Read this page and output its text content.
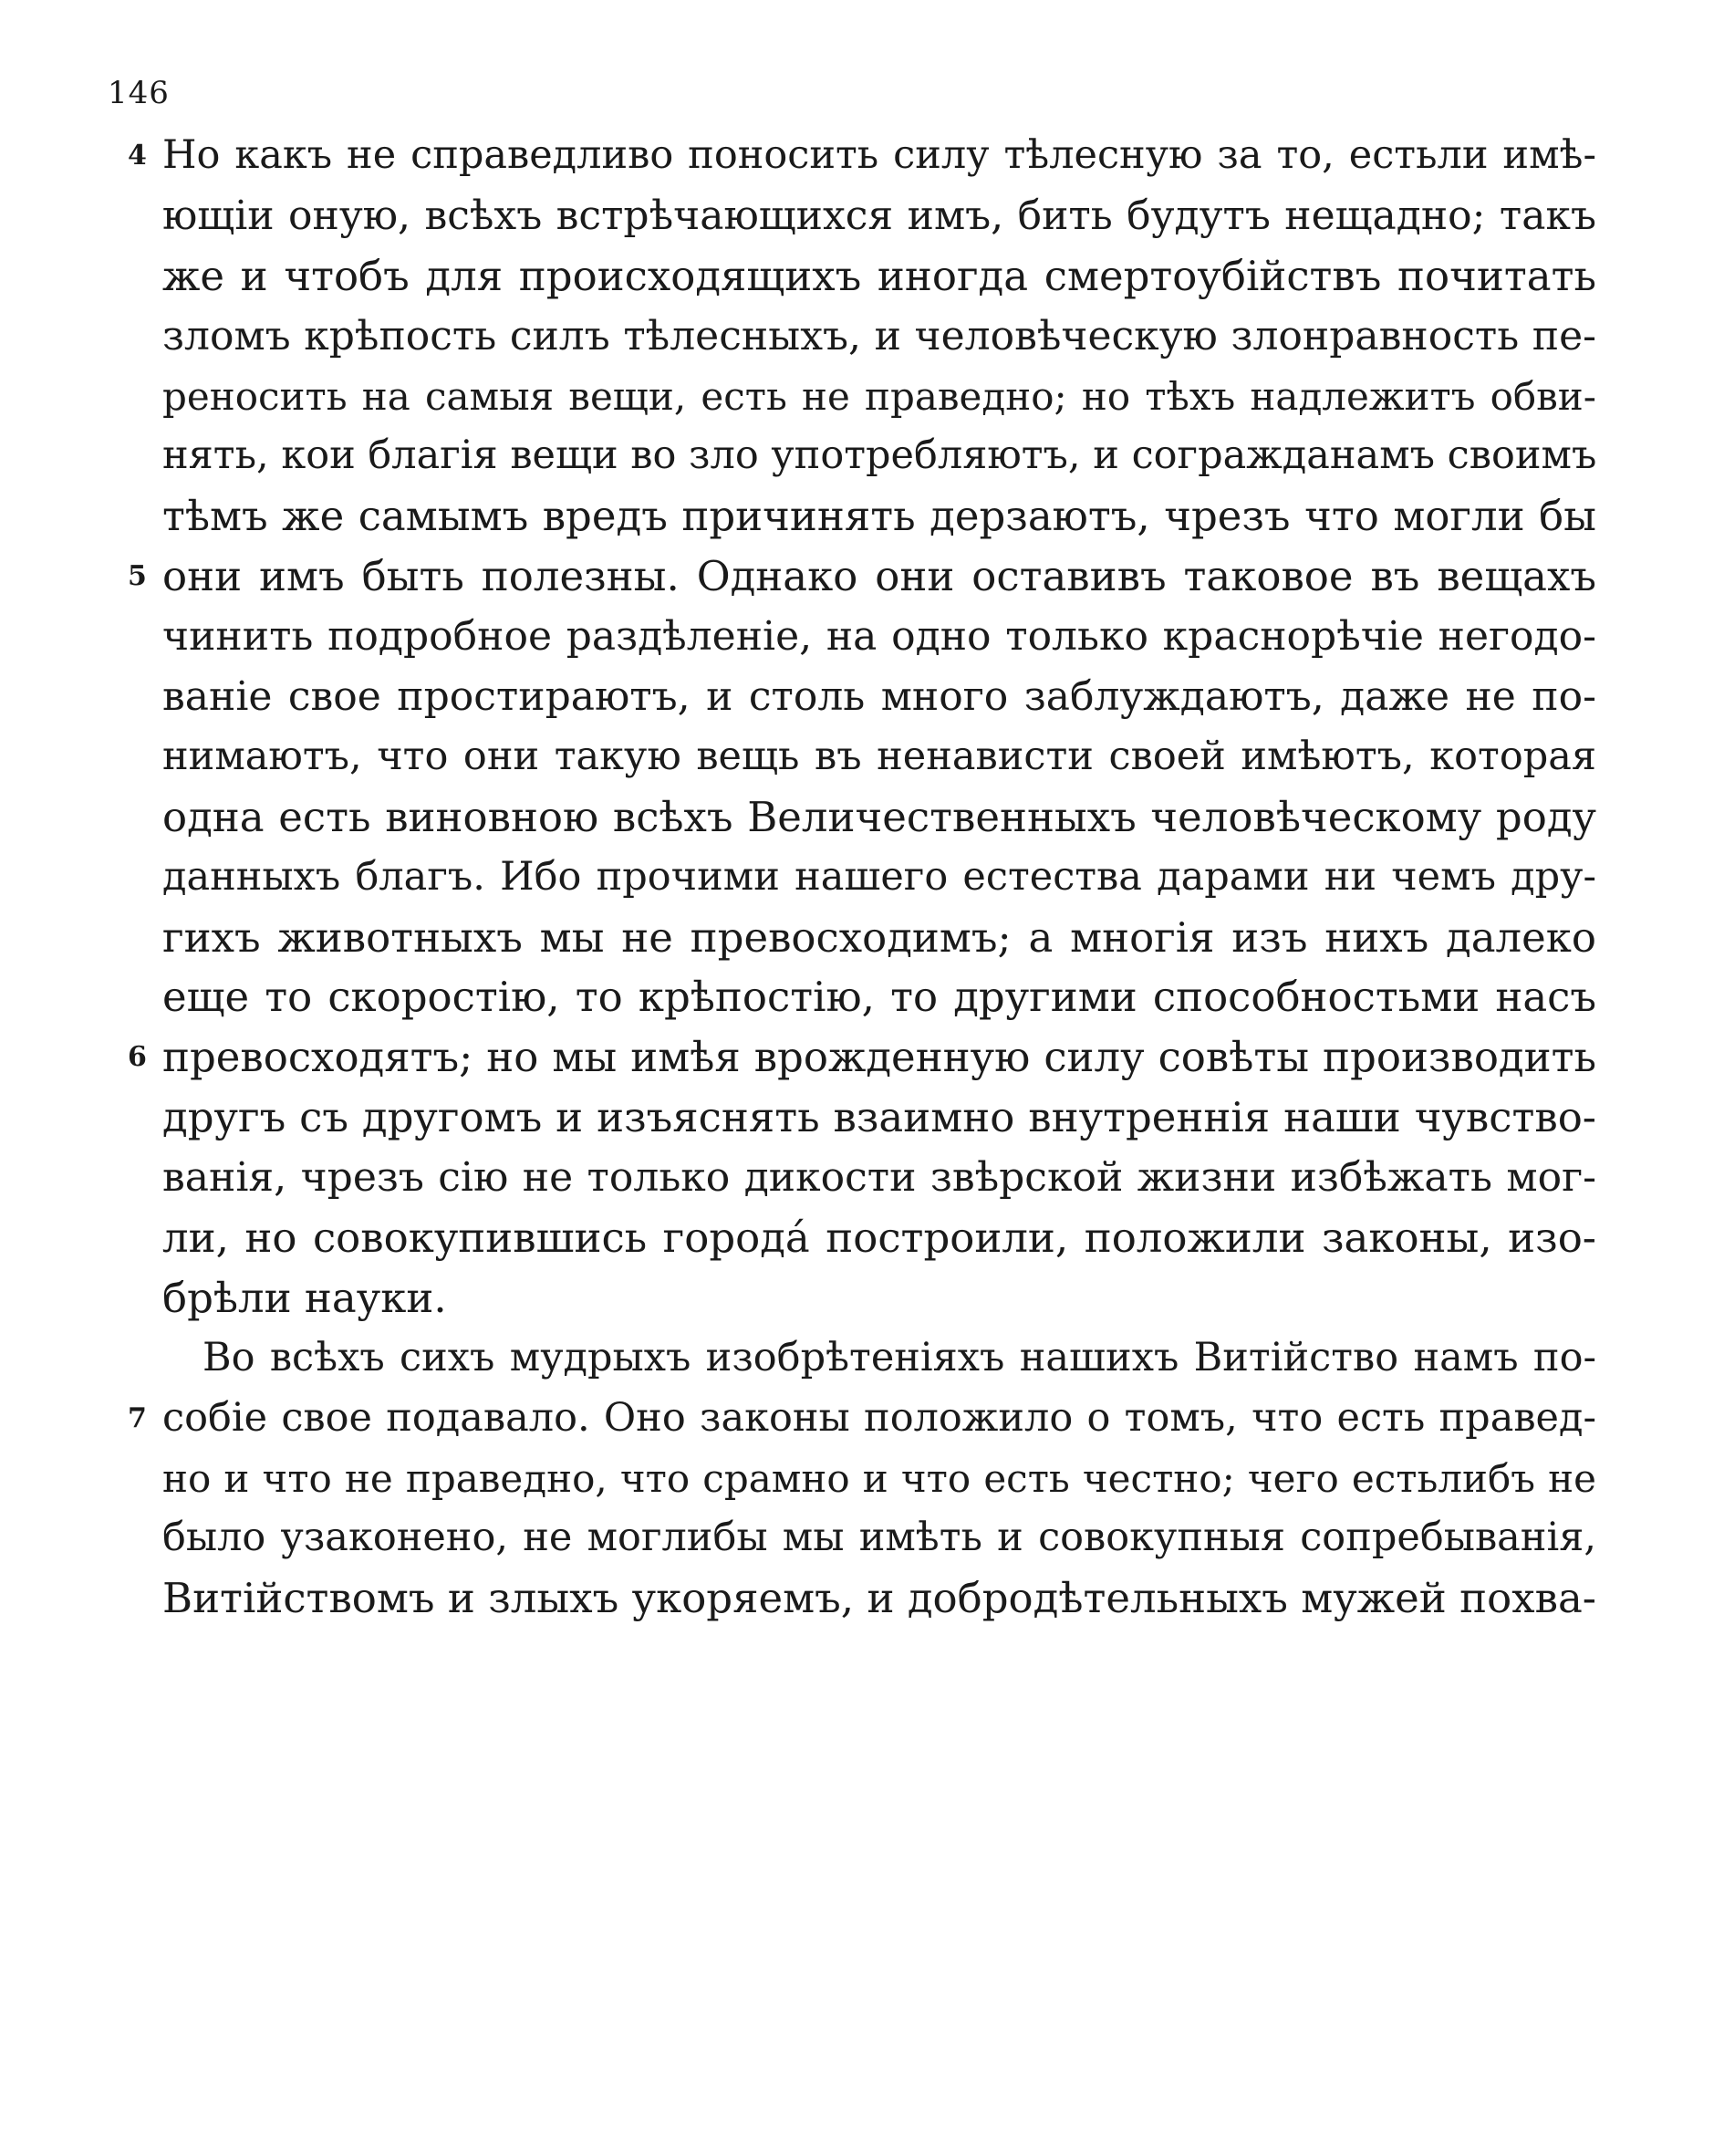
146
4 Но какъ не справедливо поносить силу тѣлесную за то, естьли имѣ-
ющіи оную, всѣхъ встрѣчающихся имъ, бить будутъ нещадно; такъ
же и чтобъ для происходящихъ иногда смертоубійствъ почитать
зломъ крѣпость силъ тѣлесныхъ, и человѣческую злонравность пе-
реносить на самыя вещи, есть не праведно; но тѣхъ надлежитъ обви-
нять, кои благія вещи во зло употребляютъ, и согражданамъ своимъ
тѣмъ же самымъ вредъ причинять дерзаютъ, чрезъ что могли бы
5 они имъ быть полезны. Однако они оставивъ таковое въ вещахъ
чинить подробное раздѣленіе, на одно только краснорѣчіе негодо-
ваніе свое простираютъ, и столь много заблуждаютъ, даже не по-
нимаютъ, что они такую вещь въ ненависти своей имѣютъ, которая
одна есть виновною всѣхъ Величественныхъ человѣческому роду
данныхъ благъ. Ибо прочими нашего естества дарами ни чемъ дру-
гихъ животныхъ мы не превосходимъ; а многія изъ нихъ далеко
еще то скоростію, то крѣпостію, то другими способностьми насъ
6 превосходятъ; но мы имѣя врожденную силу совѣты производить
другъ съ другомъ и изъяснять взаимно внутреннія наши чувство-
ванія, чрезъ сію не только дикости звѣрской жизни избѣжать мог-
ли, но совокупившись городá построили, положили законы, изо-
брѣли науки.
Во всѣхъ сихъ мудрыхъ изобрѣтеніяхъ нашихъ Витійство намъ по-
7 собіе свое подавало. Оно законы положило о томъ, что есть правед-
но и что не праведно, что срамно и что есть честно; чего естьлибъ не
было узаконено, не моглибы мы имѣть и совокупныя сопребыванія,
Витійствомъ и злыхъ укоряемъ, и добродѣтельныхъ мужей похва-
